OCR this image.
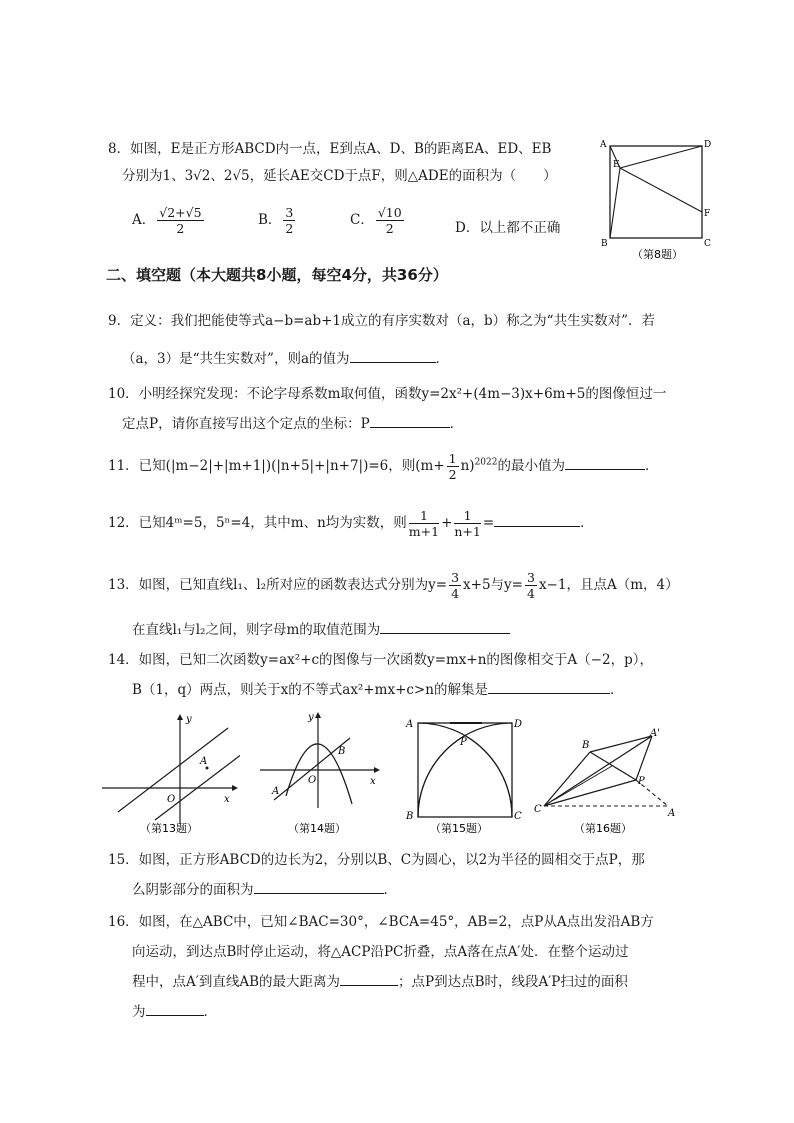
8．如图，E是正方形ABCD内一点，E到点A、D、B的距离EA、ED、EB
分别为1、3√2、2√5，延长AE交CD于点F，则△ADE的面积为（　　）
A． $\frac{√2+√5}{2}$	B． $\frac{3}{2}$	C． $\frac{√10}{2}$	D．以上都不正确
A	D
E
F
B	C
（第8题）
二、填空题（本大题共8小题，每空4分，共36分）
9．定义：我们把能使等式a−b=ab+1成立的有序实数对（a，b）称之为“共生实数对”．若
（a，3）是“共生实数对”，则a的值为	．
10．小明经探究发现：不论字母系数m取何值，函数y=2x²+(4m−3)x+6m+5的图像恒过一
定点P，请你直接写出这个定点的坐标：P	．
11．已知(|m−2|+|m+1|)(|n+5|+|n+7|)=6，则$(m+ \frac{1}{2} n)^{2022}$的最小值为	．
12．已知4ᵐ=5，5ⁿ=4，其中m、n均为实数，则 $\frac{1}{m+1} + \frac{1}{n+1}$ =	．
13．如图，已知直线l₁、l₂所对应的函数表达式分别为$y= \frac{3}{4} x+5$与$y= \frac{3}{4} x-1$，且点A（m，4）
在直线l₁与l₂之间，则字母m的取值范围为
14．如图，已知二次函数y=ax²+c的图像与一次函数y=mx+n的图像相交于A（−2，p），
B（1，q）两点，则关于x的不等式ax²+mx+c>n的解集是	．
y
A
O	x
（第13题）
y
B
O
A
x
（第14题）
A	D
P
B	C
（第15题）
A'
B
P
C	A
（第16题）
15．如图，正方形ABCD的边长为2，分别以B、C为圆心，以2为半径的圆相交于点P，那
么阴影部分的面积为	．
16．如图，在△ABC中，已知∠BAC=30°，∠BCA=45°，AB=2，点P从A点出发沿AB方
向运动，到达点B时停止运动，将△ACP沿PC折叠，点A落在点A′处．在整个运动过
程中，点A′到直线AB的最大距离为	；点P到达点B时，线段A′P扫过的面积
为	．
